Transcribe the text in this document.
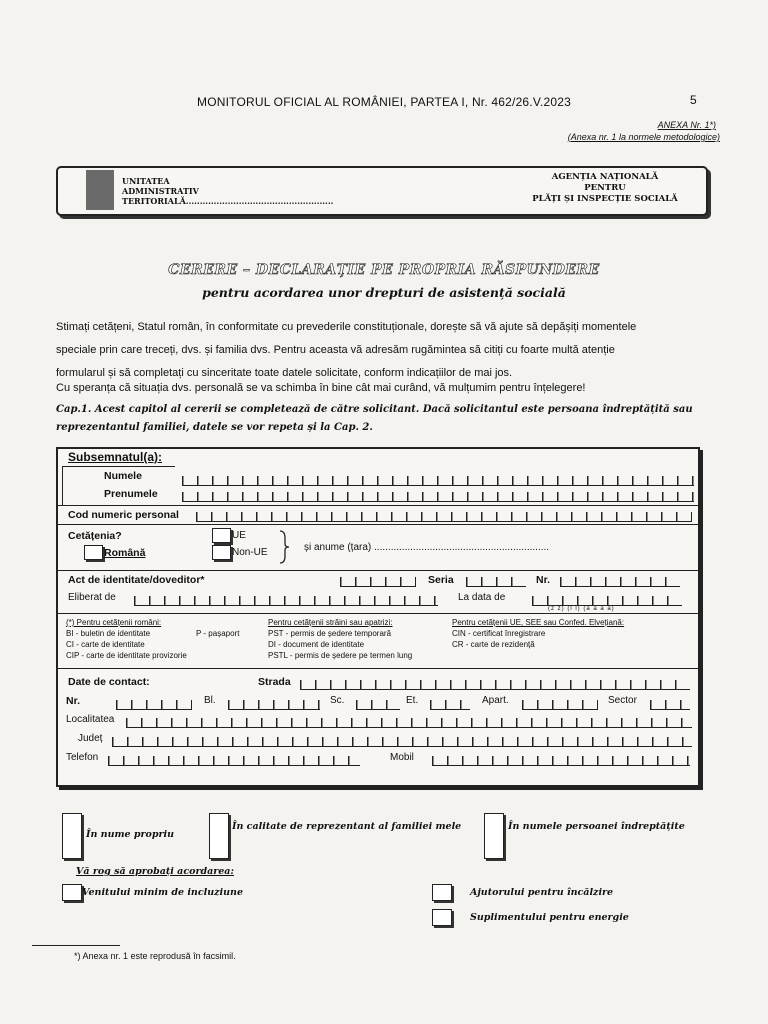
MONITORUL OFICIAL AL ROMÂNIEI, PARTEA I, Nr. 462/26.V.2023	5
ANEXA Nr. 1*)
(Anexa nr. 1 la normele metodologice)
UNITATEA
ADMINISTRATIV
TERITORIALĂ.....................................................
AGENȚIA NAȚIONALĂ
PENTRU
PLĂȚI ȘI INSPECȚIE SOCIALĂ
CERERE – DECLARAȚIE PE PROPRIA RĂSPUNDERE
pentru acordarea unor drepturi de asistență socială
Stimați cetățeni, Statul român, în conformitate cu prevederile constituționale, dorește să vă ajute să depășiți momentele
speciale prin care treceți, dvs. și familia dvs. Pentru aceasta vă adresăm rugămintea să citiți cu foarte multă atenție
formularul și să completați cu sinceritate toate datele solicitate, conform indicațiilor de mai jos.
Cu speranța că situația dvs. personală se va schimba în bine cât mai curând, vă mulțumim pentru înțelegere!
Cap.1. Acest capitol al cererii se completează de către solicitant. Dacă solicitantul este persoana îndreptățită sau
reprezentantul familiei, datele se vor repeta și la Cap. 2.
Subsemnatul(a):
Numele
Prenumele
Cod numeric personal
Cetățenia?
Română
UE
Non-UE	și anume (țara) ...............................................................
Act de identitate/doveditor*	Seria	Nr.
Eliberat de	La data de
(z z) (l l) (a a a a)
(*) Pentru cetățenii români:
BI - buletin de identitate
CI - carte de identitate
CIP - carte de identitate provizorie
P - pașaport
Pentru cetățenii străini sau apatrizi:
PST - permis de ședere temporară
DI - document de identitate
PSTL - permis de ședere pe termen lung
Pentru cetățenii UE, SEE sau Confed. Elvețiană:
CIN - certificat înregistrare
CR - carte de rezidență
Date de contact:	Strada
Nr.	Bl.	Sc.	Et.	Apart.	Sector
Localitatea
Județ
Telefon	Mobil
În nume propriu
În calitate de reprezentant al familiei mele	În numele persoanei îndreptățite
Vă rog să aprobați acordarea:
Venitului minim de incluziune	Ajutorului pentru încălzire
Suplimentului pentru energie
*) Anexa nr. 1 este reprodusă în facsimil.
